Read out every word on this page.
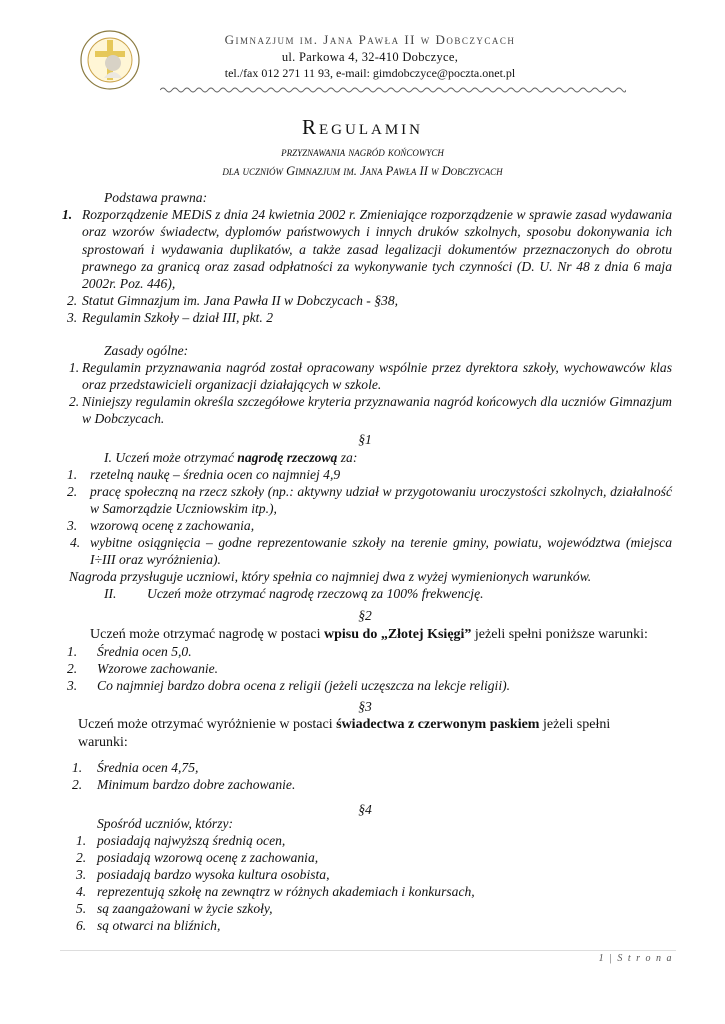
Gimnazjum im. Jana Pawła II w Dobczycach
ul. Parkowa 4, 32-410 Dobczyce,
tel./fax 012 271 11 93, e-mail: gimdobczyce@poczta.onet.pl
Regulamin
przyznawania nagród końcowych
dla uczniów Gimnazjum im. Jana Pawła II w Dobczycach
Podstawa prawna:
1. Rozporządzenie MEDiS z dnia 24 kwietnia 2002 r. Zmieniające rozporządzenie w sprawie zasad wydawania oraz wzorów świadectw, dyplomów państwowych i innych druków szkolnych, sposobu dokonywania ich sprostowań i wydawania duplikatów, a także zasad legalizacji dokumentów przeznaczonych do obrotu prawnego za granicą oraz zasad odpłatności za wykonywanie tych czynności (D. U. Nr 48 z dnia 6 maja 2002r. Poz. 446),
2. Statut Gimnazjum im. Jana Pawła II w Dobczycach - §38,
3. Regulamin Szkoły – dział III, pkt. 2
Zasady ogólne:
1. Regulamin przyznawania nagród został opracowany wspólnie przez dyrektora szkoły, wychowawców klas oraz przedstawicieli organizacji działających w szkole.
2. Niniejszy regulamin określa szczegółowe kryteria przyznawania nagród końcowych dla uczniów Gimnazjum w Dobczycach.
§1
I. Uczeń może otrzymać nagrodę rzeczową za:
1. rzetelną naukę – średnia ocen co najmniej 4,9
2. pracę społeczną na rzecz szkoły (np.: aktywny udział w przygotowaniu uroczystości szkolnych, działalność w Samorządzie Uczniowskim itp.),
3. wzorową ocenę z zachowania,
4. wybitne osiągnięcia – godne reprezentowanie szkoły na terenie gminy, powiatu, województwa (miejsca I÷III oraz wyróżnienia).
Nagroda przysługuje uczniowi, który spełnia co najmniej dwa z wyżej wymienionych warunków.
II. Uczeń może otrzymać nagrodę rzeczową za 100% frekwencję.
§2
Uczeń może otrzymać nagrodę w postaci wpisu do „Złotej Księgi” jeżeli spełni poniższe warunki:
1. Średnia ocen 5,0.
2. Wzorowe zachowanie.
3. Co najmniej bardzo dobra ocena z religii (jeżeli uczęszcza na lekcje religii).
§3
Uczeń może otrzymać wyróżnienie w postaci świadectwa z czerwonym paskiem jeżeli spełni
warunki:
1. Średnia ocen 4,75,
2. Minimum bardzo dobre zachowanie.
§4
Spośród uczniów, którzy:
1. posiadają najwyższą średnią ocen,
2. posiadają wzorową ocenę z zachowania,
3. posiadają bardzo wysoka kultura osobista,
4. reprezentują szkołę na zewnątrz w różnych akademiach i konkursach,
5. są zaangażowani w życie szkoły,
6. są otwarci na bliźnich,
1 | S t r o n a
